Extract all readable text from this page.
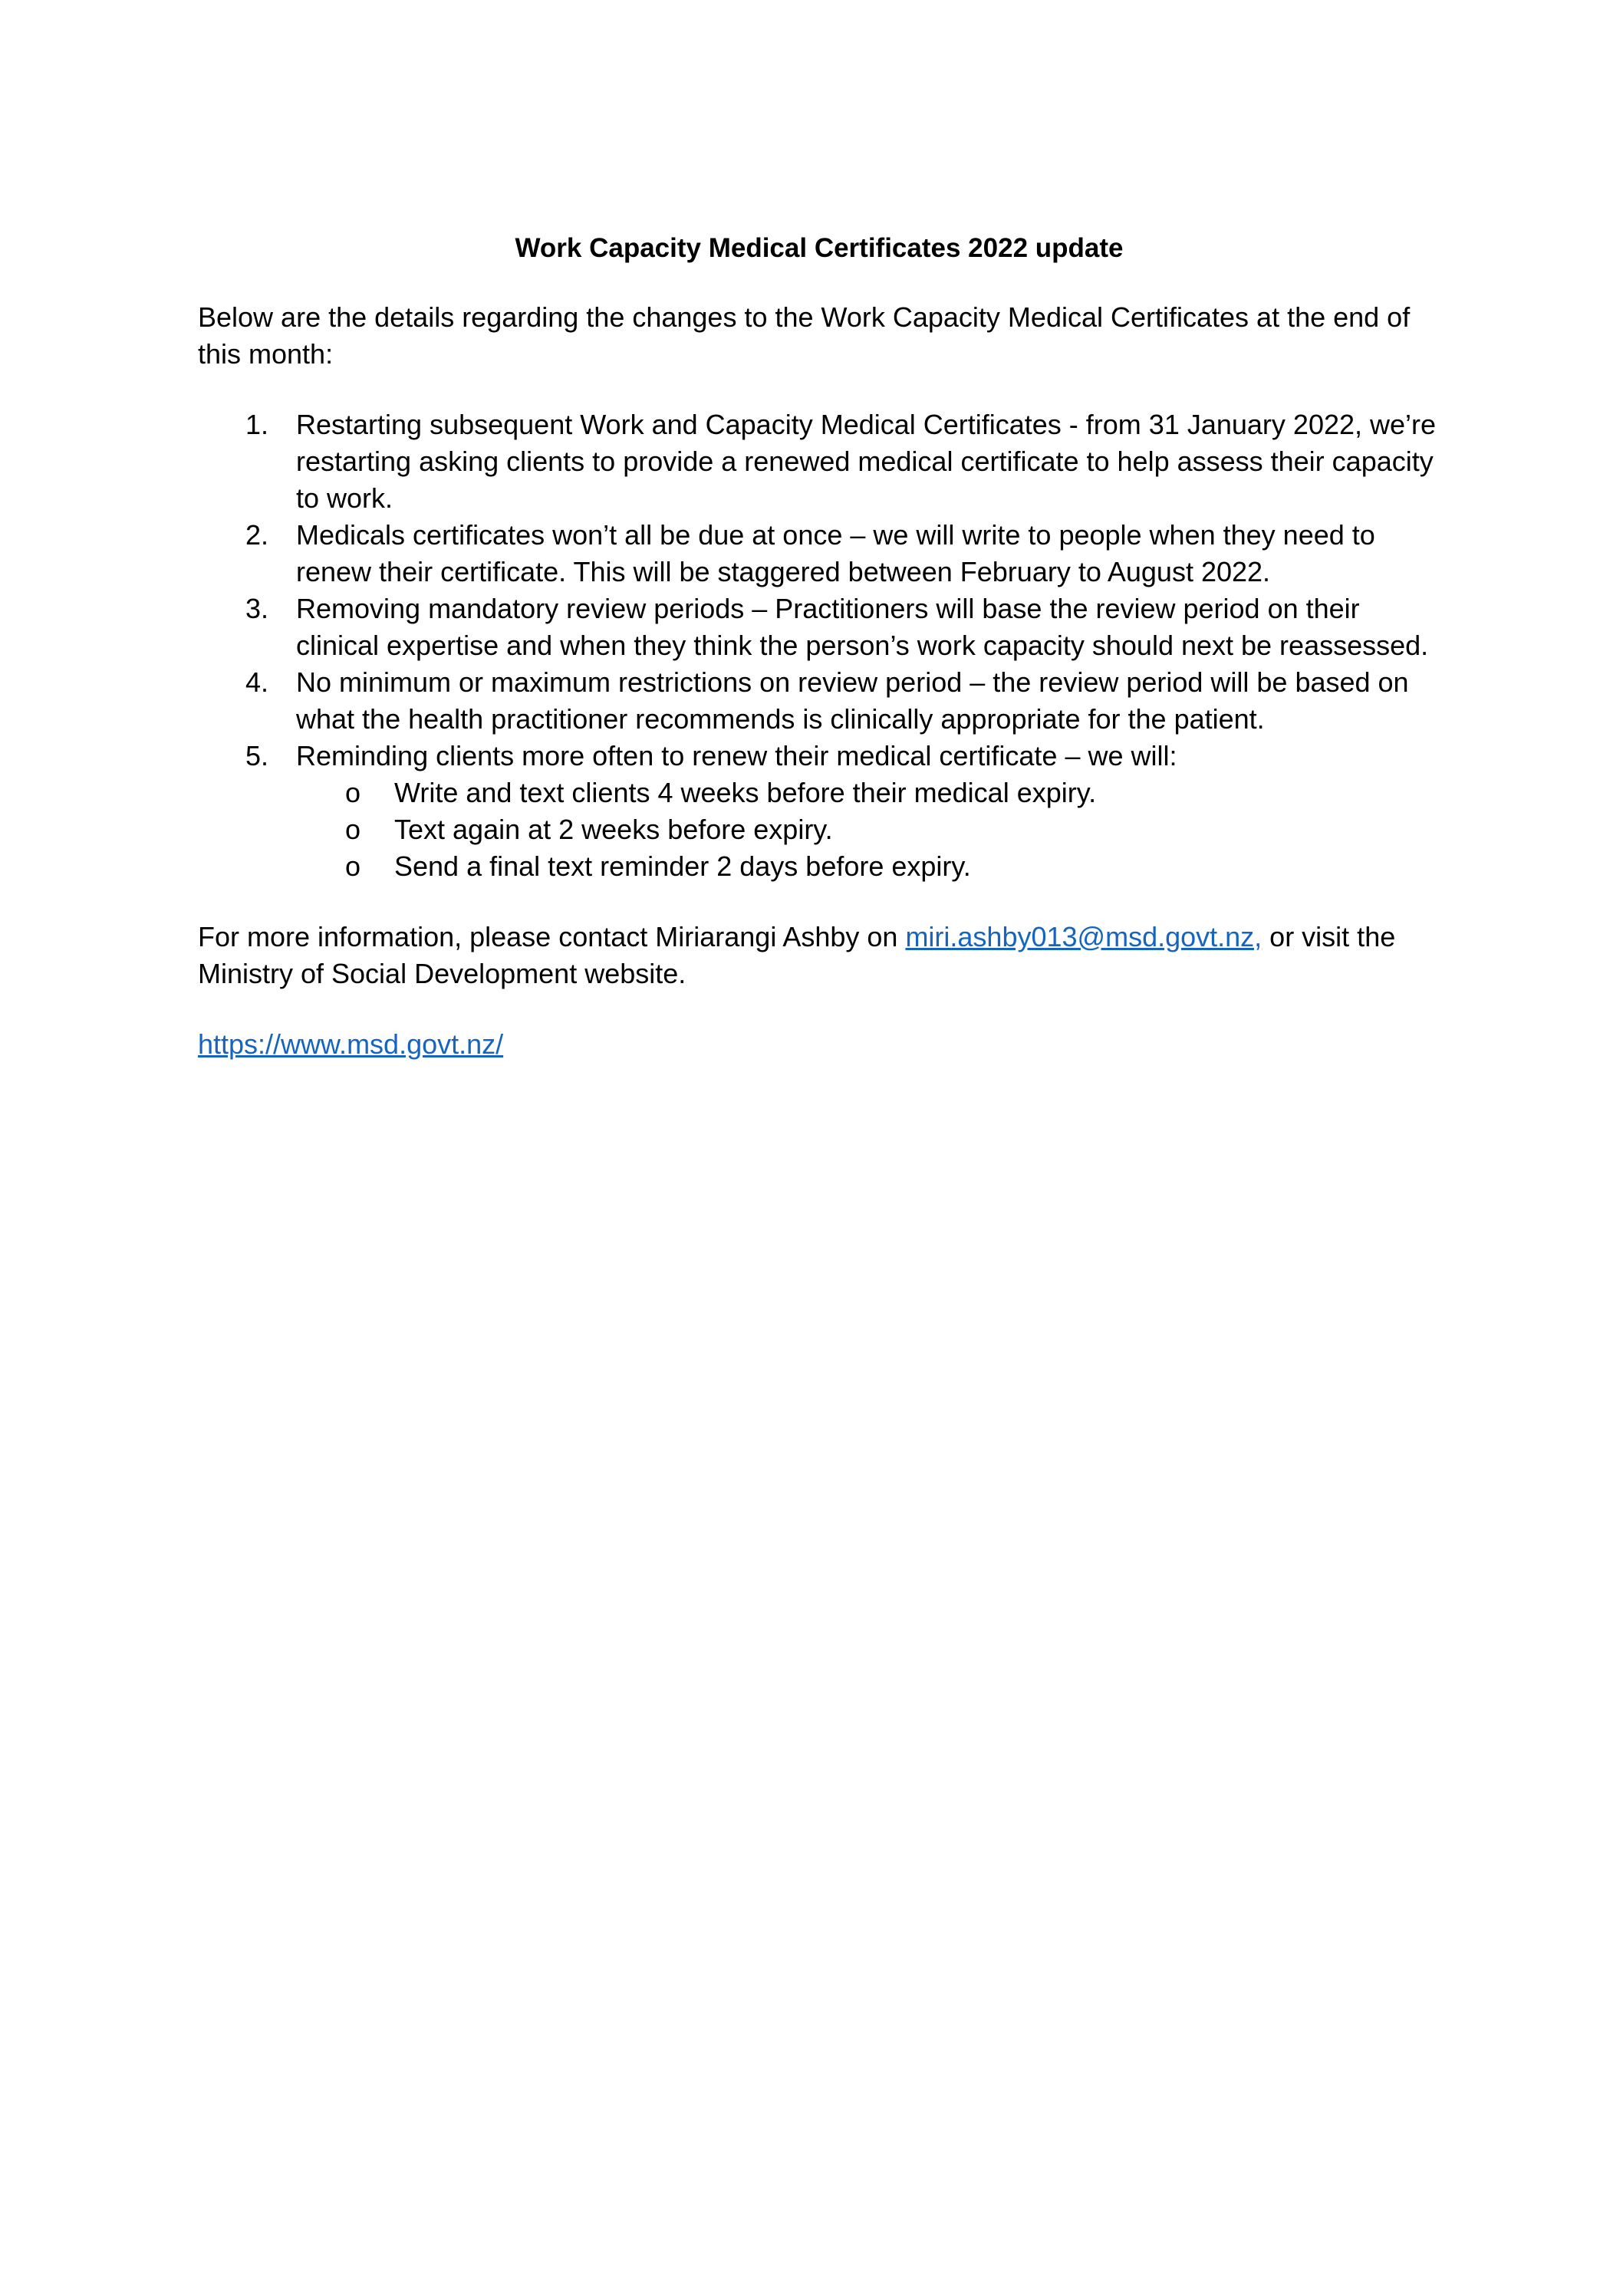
Work Capacity Medical Certificates 2022 update

Below are the details regarding the changes to the Work Capacity Medical Certificates at the end of this month:

1. Restarting subsequent Work and Capacity Medical Certificates - from 31 January 2022, we’re restarting asking clients to provide a renewed medical certificate to help assess their capacity to work.
2. Medicals certificates won’t all be due at once – we will write to people when they need to renew their certificate. This will be staggered between February to August 2022.
3. Removing mandatory review periods – Practitioners will base the review period on their clinical expertise and when they think the person’s work capacity should next be reassessed.
4. No minimum or maximum restrictions on review period – the review period will be based on what the health practitioner recommends is clinically appropriate for the patient.
5. Reminding clients more often to renew their medical certificate – we will:
o Write and text clients 4 weeks before their medical expiry.
o Text again at 2 weeks before expiry.
o Send a final text reminder 2 days before expiry.

For more information, please contact Miriarangi Ashby on miri.ashby013@msd.govt.nz, or visit the Ministry of Social Development website.

https://www.msd.govt.nz/
